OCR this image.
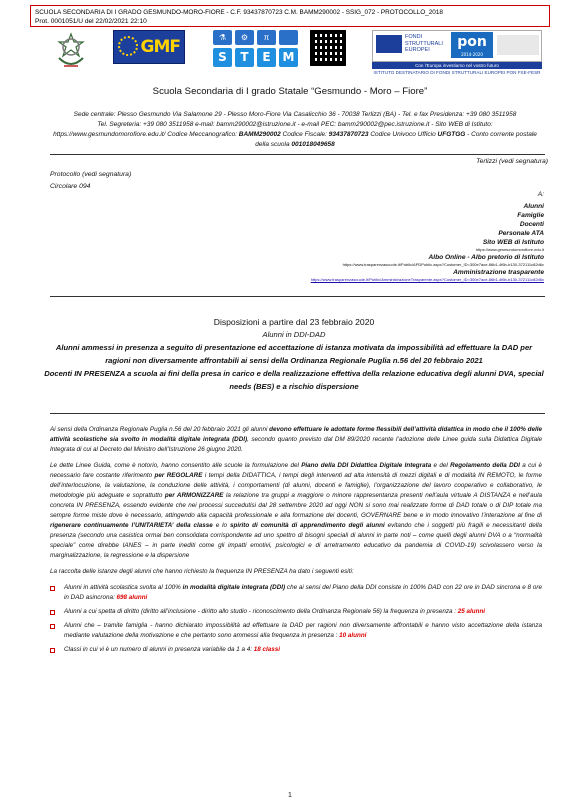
SCUOLA SECONDARIA DI I GRADO GESMUNDO-MORO-FIORE - C.F. 93437870723 C.M. BAMM290002 - SSIG_072 - PROTOCOLLO_2018
Prot. 0001051/U del 22/02/2021 22:10
GMF	⚗	⚙	π
S	T	E M
FONDI STRUTTURALI EUROPEI	pon
2014-2020
Con l'Europa investiamo nel vostro futuro
ISTITUTO DESTINATARIO DI FONDI STRUTTURALI EUROPEI PON FSE-FESR
Scuola Secondaria di I grado Statale “Gesmundo - Moro – Fiore”
Sede centrale: Plesso Gesmundo Via Salamone 29 - Plesso Moro-Fiore Via Casalicchio 36 - 70038 Terlizzi (BA) - Tel. e fax Presidenza: +39 080 3511958
Tel. Segreteria: +39 080 3511958 e-mail: bamm290002@istruzione.it - e-mail PEC: bamm290002@pec.istruzione.it - Sito WEB di Istituto:
https://www.gesmundomorofiore.edu.it/ Codice Meccanografico: BAMM290002 Codice Fiscale: 93437870723 Codice Univoco Ufficio UFGTGG - Conto corrente postale della scuola 001018049658
Terlizzi (vedi segnatura)
Protocollo (vedi segnatura)
Circolare 094
A:
Alunni
Famiglie
Docenti
Personale ATA
Sito WEB di Istituto
https://www.gesmundomorofiore.edu.it
Albo Online - Albo pretorio di Istituto
https://www.trasparenzascuole.it/Public/APDPublic.aspx?Customer_ID=300e7ace-86b1-4f6b-b130-372111c82d6c
Amministrazione trasparente
https://www.trasparenzascuole.it/Public/AmministrazioneTrasparente.aspx?Customer_ID=300e7ace-86b1-4f6b-b130-372111c82d6c
Disposizioni a partire dal 23 febbraio 2020
Alunni in DDI-DAD
Alunni ammessi in presenza a seguito di presentazione ed accettazione di istanza motivata da impossibilità ad effettuare la DAD per ragioni non diversamente affrontabili ai sensi della Ordinanza Regionale Puglia n.56 del 20 febbraio 2021
Docenti IN PRESENZA a scuola ai fini della presa in carico e della realizzazione effettiva della relazione educativa degli alunni DVA, special needs (BES) e a rischio dispersione

Ai sensi della Ordinanza Regionale Puglia n.56 del 20 febbraio 2021 gli alunni devono effettuare le adottate forme flessibili dell’attività didattica in modo che il 100% delle attività scolastiche sia svolto in modalità digitale integrata (DDI), secondo quanto previsto dal DM 89/2020 recante l’adozione delle Linee guida sulla Didattica Digitale Integrata di cui al Decreto del Ministro dell’Istruzione 26 giugno 2020.

Le dette Linee Guida, come è notorio, hanno consentito alle scuole la formulazione del Piano della DDI Didattica Digitale Integrata e del Regolamento della DDI a cui è necessario fare costante riferimento per REGOLARE i tempi della DIDATTICA, i tempi degli interventi ad alta intensità di mezzi digitali e di modalità IN REMOTO, le forme dell’interlocuzione, la valutazione, la conduzione delle attività, i comportamenti (di alunni, docenti e famiglie), l’organizzazione del lavoro cooperativo e collaborativo, le metodologie più adeguate e soprattutto per ARMONIZZARE la relazione tra gruppi a maggiore o minore rappresentanza presenti nell’aula virtuale A DISTANZA e nell’aula concreta IN PRESENZA, essendo evidente che nei processi succedutisi dal 28 settembre 2020 ad oggi NON si sono mai realizzate forme di DAD totale o di DIP totale ma sempre forme miste dove è necessario, attingendo alla capacità professionale e alla formazione dei docenti, GOVERNARE bene e in modo innovativo l’interazione al fine di rigenerare continuamente l’UNITARIETA’ della classe e lo spirito di comunità di apprendimento degli alunni evitando che i soggetti più fragili e necessitanti della presenza (secondo una casistica ormai ben consolidata corrispondente ad uno spettro di bisogni speciali di alunni in parte noti – come quelli degli alunni DVA o a “normalità speciale” come direbbe IANES – in parte inediti come gli impatti emotivi, psicologici e di arretramento educativo da pandemia di COVID-19) scivolassero verso la marginalizzazione, la regressione e la dispersione

La raccolta delle istanze degli alunni che hanno richiesto la frequenza IN PRESENZA ha dato i seguenti esiti:

Alunni in attività scolastica svolta al 100% in modalità digitale integrata (DDI) che ai sensi del Piano della DDI consiste in 100% DAD con 22 ore in DAD sincrona e 8 ore in DAD asincrona: 698 alunni
Alunni a cui spetta di diritto (diritto all’inclusione - diritto allo studio - riconoscimento della Ordinanza Regionale 56) la frequenza in presenza : 25 alunni
Alunni che – tramite famiglia - hanno dichiarato impossibilità ad effettuare la DAD per ragioni non diversamente affrontabili e hanno visto accettazione della istanza mediante valutazione della motivazione e che pertanto sono ammessi alla frequenza in presenza : 10 alunni
Classi in cui vi è un numero di alunni in presenza variabile da 1 a 4: 18 classi
1
